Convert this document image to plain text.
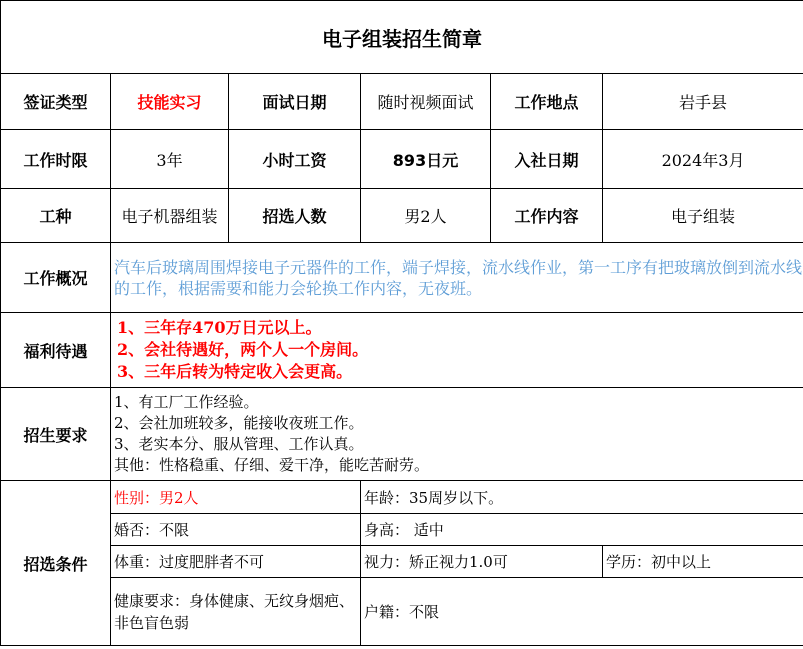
电子组装招生简章					
签证类型	技能实习	面试日期	随时视频面试	工作地点	岩手县
工作时限	3年	小时工资	893日元	入社日期	2024年3月
工种	电子机器组装	招选人数	男2人	工作内容	电子组装
工作概况	汽车后玻璃周围焊接电子元器件的工作，端子焊接，流水线作业，第一工序有把玻璃放倒到流水线的工作，根据需要和能力会轮换工作内容，无夜班。				
福利待遇	1、三年存470万日元以上。
2、会社待遇好，两个人一个房间。
3、三年后转为特定收入会更高。				

招生要求	1、有工厂工作经验。
2、会社加班较多，能接收夜班工作。
3、老实本分、服从管理、工作认真。
其他：性格稳重、仔细、爱干净，能吃苦耐劳。				

招选条件	性别：男2人		年龄：35周岁以下。		
	婚否：不限		身高： 适中		
	体重：过度肥胖者不可		视力：矫正视力1.0可		学历：初中以上
	健康要求：身体健康、无纹身烟疤、非色盲色弱		户籍：不限		
